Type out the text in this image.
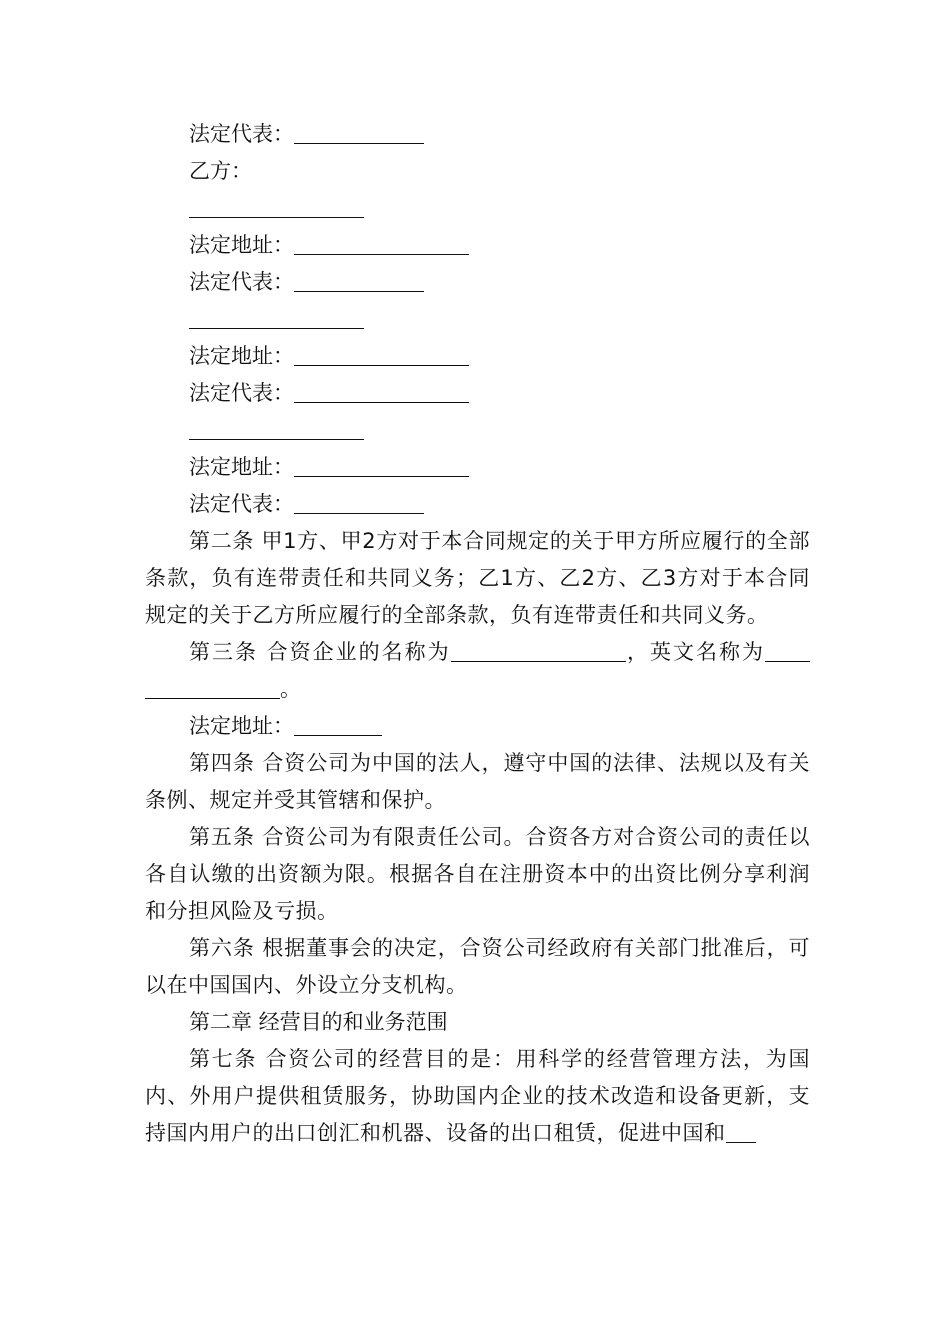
法定代表：

乙方：

法定地址：

法定代表：

法定地址：

法定代表：

法定地址：

法定代表：

第二条 甲1方、甲2方对于本合同规定的关于甲方所应履行的全部条款，负有连带责任和共同义务；乙1方、乙2方、乙3方对于本合同规定的关于乙方所应履行的全部条款，负有连带责任和共同义务。

第三条 合资企业的名称为	，英文名称为。

法定地址：

第四条 合资公司为中国的法人，遵守中国的法律、法规以及有关条例、规定并受其管辖和保护。

第五条 合资公司为有限责任公司。合资各方对合资公司的责任以各自认缴的出资额为限。根据各自在注册资本中的出资比例分享利润和分担风险及亏损。

第六条 根据董事会的决定，合资公司经政府有关部门批准后，可以在中国国内、外设立分支机构。

第二章 经营目的和业务范围

第七条 合资公司的经营目的是：用科学的经营管理方法，为国内、外用户提供租赁服务，协助国内企业的技术改造和设备更新，支持国内用户的出口创汇和机器、设备的出口租赁，促进中国和
